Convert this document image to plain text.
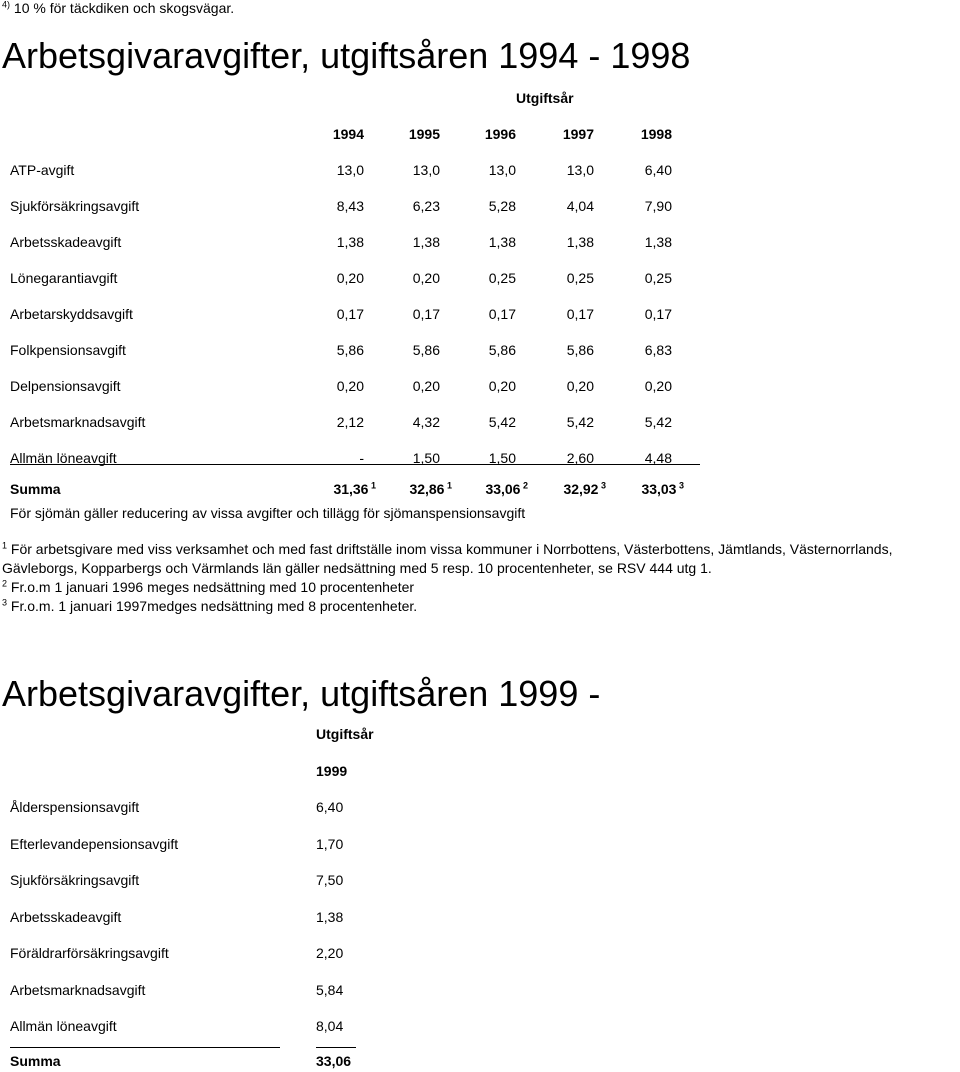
$^{4)}$ 10 % för täckdiken och skogsvägar.
Arbetsgivaravgifter, utgiftsåren 1994 - 1998
Utgiftsår
1994	1995	1996	1997	1998
ATP-avgift	13,0	13,0	13,0	13,0	6,40
Sjukförsäkringsavgift	8,43	6,23	5,28	4,04	7,90
Arbetsskadeavgift	1,38	1,38	1,38	1,38	1,38
Lönegarantiavgift	0,20	0,20	0,25	0,25	0,25
Arbetarskyddsavgift	0,17	0,17	0,17	0,17	0,17
Folkpensionsavgift	5,86	5,86	5,86	5,86	6,83
Delpensionsavgift	0,20	0,20	0,20	0,20	0,20
Arbetsmarknadsavgift	2,12	4,32	5,42	5,42	5,42
Allmän löneavgift	-	1,50	1,50	2,60	4,48
Summa	31,36 $^1$	32,86 $^1$	33,06 $^2$	32,92 $^3$	33,03 $^3$
För sjömän gäller reducering av vissa avgifter och tillägg för sjömanspensionsavgift
$^1$ För arbetsgivare med viss verksamhet och med fast driftställe inom vissa kommuner i Norrbottens, Västerbottens, Jämtlands, Västernorrlands,
Gävleborgs, Kopparbergs och Värmlands län gäller nedsättning med 5 resp. 10 procentenheter, se RSV 444 utg 1.
$^2$ Fr.o.m 1 januari 1996 meges nedsättning med 10 procentenheter
$^3$ Fr.o.m. 1 januari 1997medges nedsättning med 8 procentenheter.
Arbetsgivaravgifter, utgiftsåren 1999 -
Utgiftsår
1999
Ålderspensionsavgift	6,40
Efterlevandepensionsavgift	1,70
Sjukförsäkringsavgift	7,50
Arbetsskadeavgift	1,38
Föräldrarförsäkringsavgift	2,20
Arbetsmarknadsavgift	5,84
Allmän löneavgift	8,04
Summa	33,06
